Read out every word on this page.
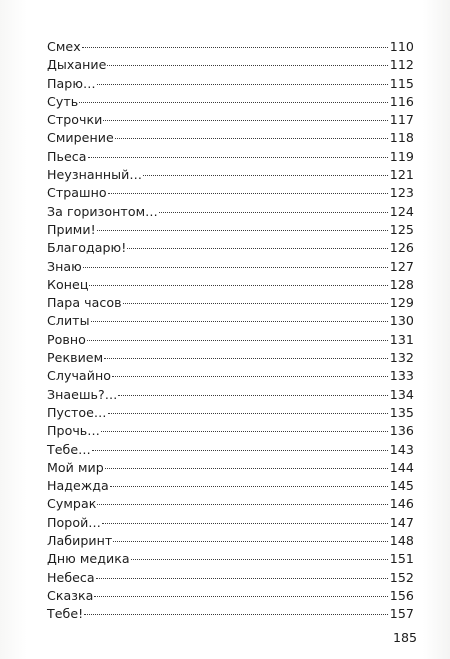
Смех	110
Дыхание	112
Парю…	115
Суть	116
Строчки	117
Смирение	118
Пьеса	119
Неузнанный…	121
Страшно	123
За горизонтом…	124
Прими!	125
Благодарю!	126
Знаю	127
Конец	128
Пара часов	129
Слиты	130
Ровно	131
Реквием	132
Случайно	133
Знаешь?…	134
Пустое…	135
Прочь…	136
Тебе…	143
Мой мир	144
Надежда	145
Сумрак	146
Порой…	147
Лабиринт	148
Дню медика	151
Небеса	152
Сказка	156
Тебе!	157
185
